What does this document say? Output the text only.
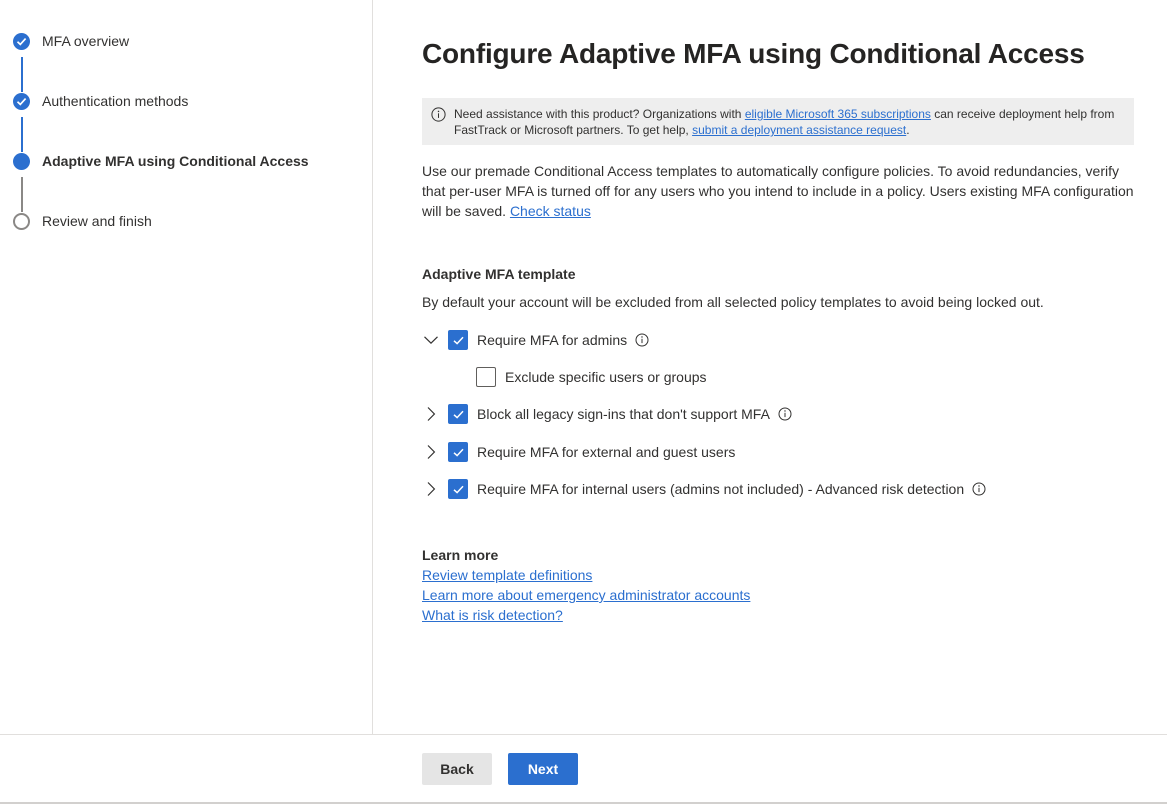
MFA overview
Authentication methods
Adaptive MFA using Conditional Access
Review and finish
Configure Adaptive MFA using Conditional Access
Need assistance with this product? Organizations with eligible Microsoft 365 subscriptions can receive deployment help from FastTrack or Microsoft partners. To get help, submit a deployment assistance request.

Use our premade Conditional Access templates to automatically configure policies. To avoid redundancies, verify that per-user MFA is turned off for any users who you intend to include in a policy. Users existing MFA configuration will be saved. Check status

Adaptive MFA template
By default your account will be excluded from all selected policy templates to avoid being locked out.
Require MFA for admins
Exclude specific users or groups
Block all legacy sign-ins that don't support MFA
Require MFA for external and guest users
Require MFA for internal users (admins not included) - Advanced risk detection
Learn more
Review template definitions
Learn more about emergency administrator accounts
What is risk detection?
Back	Next
